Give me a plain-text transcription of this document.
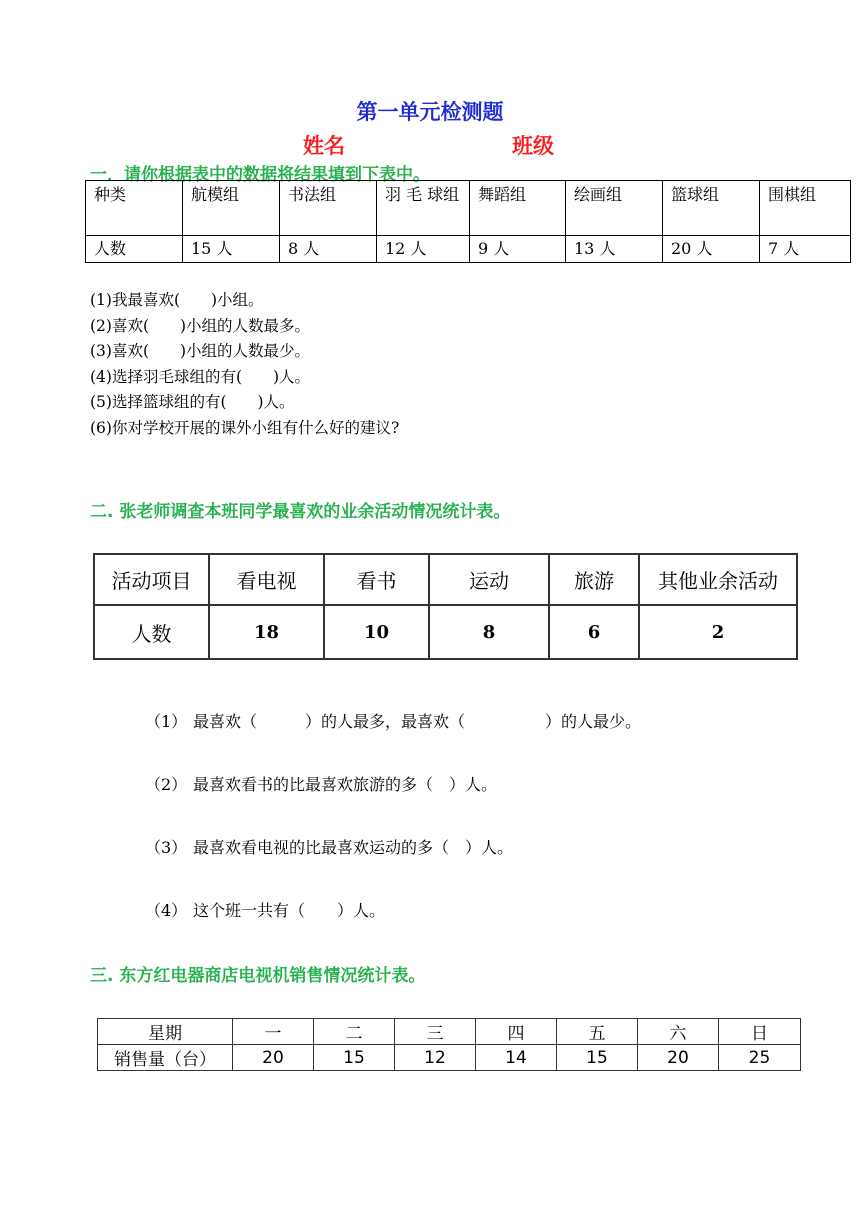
第一单元检测题
姓名	班级
一．请你根据表中的数据将结果填到下表中。
种类	航模组	书法组	羽 毛 球组	舞蹈组	绘画组	篮球组	围棋组
人数	15 人	8 人	12 人	9 人	13 人	20 人	7 人
(1)我最喜欢(　　)小组。
(2)喜欢(　　)小组的人数最多。
(3)喜欢(　　)小组的人数最少。
(4)选择羽毛球组的有(　　)人。
(5)选择篮球组的有(　　)人。
(6)你对学校开展的课外小组有什么好的建议?
二. 张老师调查本班同学最喜欢的业余活动情况统计表。
活动项目	看电视	看书	运动	旅游	其他业余活动
人数	18	10	8	6	2
（1） 最喜欢（　　　）的人最多，最喜欢（　　　　　）的人最少。
（2） 最喜欢看书的比最喜欢旅游的多（　）人。
（3） 最喜欢看电视的比最喜欢运动的多（　）人。
（4） 这个班一共有（　　）人。
三. 东方红电器商店电视机销售情况统计表。
星期	一	二	三	四	五	六	日
销售量（台）	20	15	12	14	15	20	25
